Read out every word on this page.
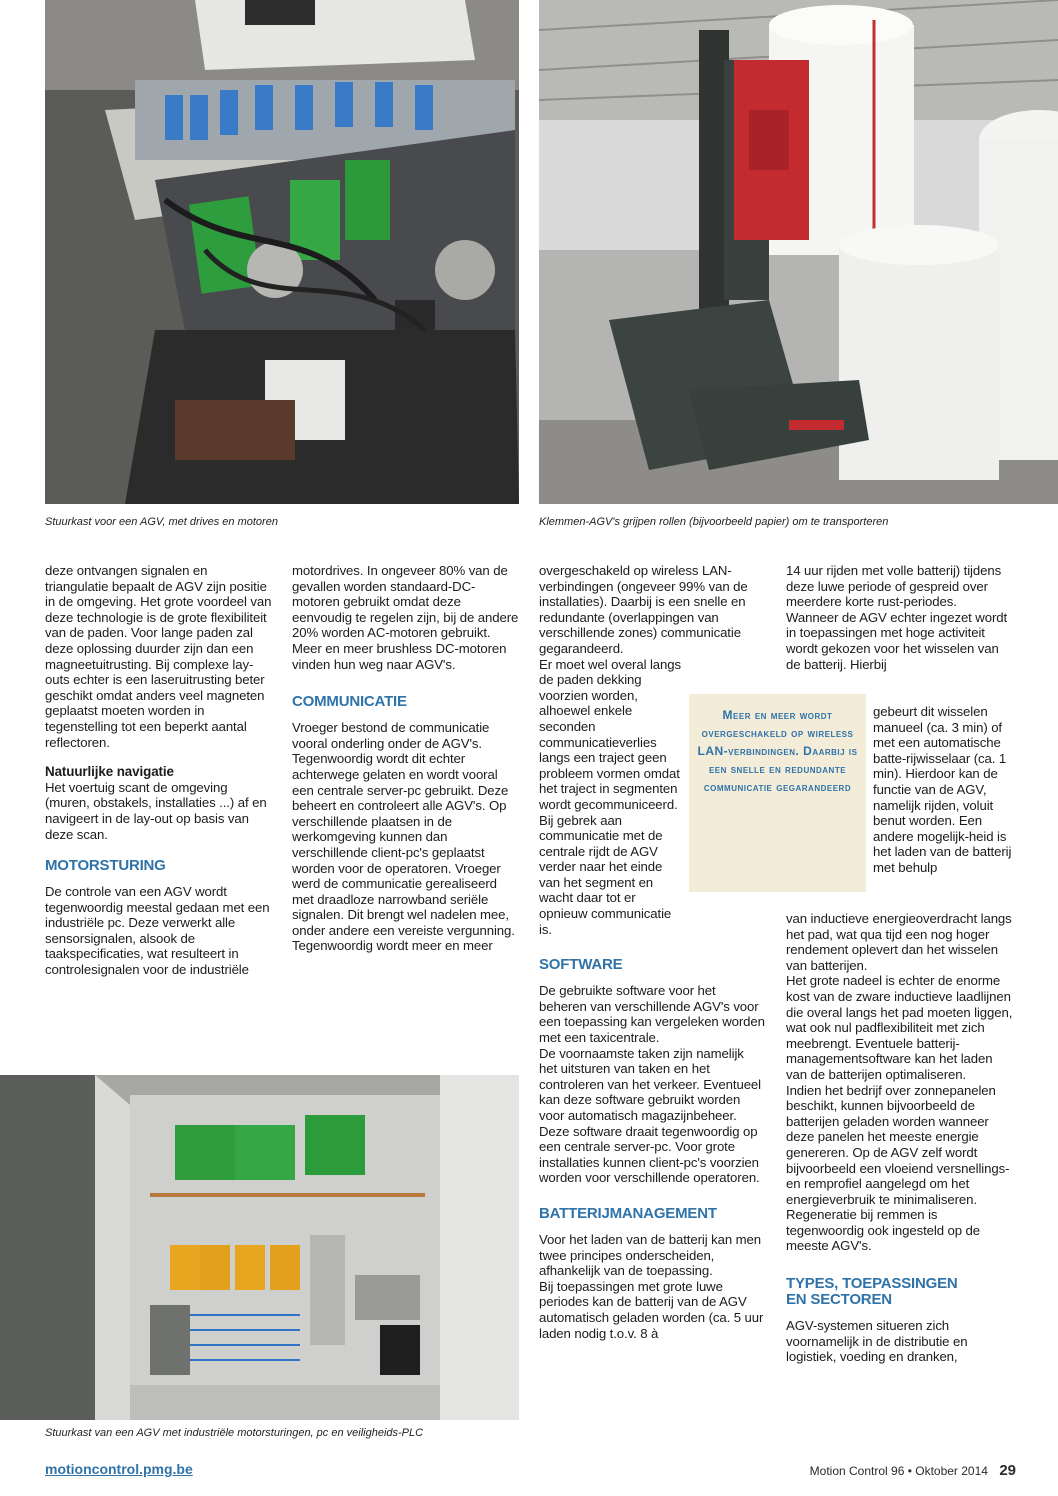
Stuurkast voor een AGV, met drives en motoren	Klemmen-AGV's grijpen rollen (bijvoorbeeld papier) om te transporteren
Stuurkast van een AGV met industriële motorsturingen, pc en veiligheids-PLC

deze ontvangen signalen en triangulatie bepaalt de AGV zijn positie in de omgeving. Het grote voordeel van deze technologie is de grote flexibiliteit van de paden. Voor lange paden zal deze oplossing duurder zijn dan een magneetuitrusting. Bij complexe lay-outs echter is een laseruitrusting beter geschikt omdat anders veel magneten geplaatst moeten worden in tegenstelling tot een beperkt aantal reflectoren.

Natuurlijke navigatie

Het voertuig scant de omgeving (muren, obstakels, installaties ...) af en navigeert in de lay-out op basis van deze scan.

MOTORSTURING

De controle van een AGV wordt tegenwoordig meestal gedaan met een industriële pc. Deze verwerkt alle sensorsignalen, alsook de taakspecificaties, wat resulteert in controlesignalen voor de industriële

motordrives. In ongeveer 80% van de gevallen worden standaard-DC-motoren gebruikt omdat deze eenvoudig te regelen zijn, bij de andere 20% worden AC-motoren gebruikt. Meer en meer brushless DC-motoren vinden hun weg naar AGV's.

COMMUNICATIE

Vroeger bestond de communicatie vooral onderling onder de AGV's. Tegenwoordig wordt dit echter achterwege gelaten en wordt vooral een centrale server-pc gebruikt. Deze beheert en controleert alle AGV's. Op verschillende plaatsen in de werkomgeving kunnen dan verschillende client-pc's geplaatst worden voor de operatoren. Vroeger werd de communicatie gerealiseerd met draadloze narrowband seriële signalen. Dit brengt wel nadelen mee, onder andere een vereiste vergunning. Tegenwoordig wordt meer en meer

overgeschakeld op wireless LAN-verbindingen (ongeveer 99% van de installaties). Daarbij is een snelle en redundante (overlappingen van verschillende zones) communicatie gegarandeerd.

Er moet wel overal langs de paden dekking voorzien worden, alhoewel enkele seconden communicatieverlies langs een traject geen probleem vormen omdat het traject in segmenten wordt gecommuniceerd.

Bij gebrek aan communicatie met de centrale rijdt de AGV verder naar het einde van het segment en wacht daar tot er opnieuw communicatie is.

SOFTWARE

De gebruikte software voor het beheren van verschillende AGV's voor een toepassing kan vergeleken worden met een taxicentrale.

De voornaamste taken zijn namelijk het uitsturen van taken en het controleren van het verkeer. Eventueel kan deze software gebruikt worden voor automatisch magazijnbeheer.

Deze software draait tegenwoordig op een centrale server-pc. Voor grote installaties kunnen client-pc's voorzien worden voor verschillende operatoren.

BATTERIJMANAGEMENT

Voor het laden van de batterij kan men twee principes onderscheiden, afhankelijk van de toepassing.

Bij toepassingen met grote luwe periodes kan de batterij van de AGV automatisch geladen worden (ca. 5 uur laden nodig t.o.v. 8 à

Meer en meer wordt overgeschakeld op wireless LAN-verbindingen. Daarbij is een snelle en redundante communicatie gegarandeerd

14 uur rijden met volle batterij) tijdens deze luwe periode of gespreid over meerdere korte rust-periodes.

Wanneer de AGV echter ingezet wordt in toepassingen met hoge activiteit wordt gekozen voor het wisselen van de batterij. Hierbij

gebeurt dit wisselen manueel (ca. 3 min) of met een automatische batte-rijwisselaar (ca. 1 min). Hierdoor kan de functie van de AGV, namelijk rijden, voluit benut worden. Een andere mogelijk-heid is het laden van de batterij met behulp

van inductieve energieoverdracht langs het pad, wat qua tijd een nog hoger rendement oplevert dan het wisselen van batterijen.

Het grote nadeel is echter de enorme kost van de zware inductieve laadlijnen die overal langs het pad moeten liggen, wat ook nul padflexibiliteit met zich meebrengt. Eventuele batterij-managementsoftware kan het laden van de batterijen optimaliseren.

Indien het bedrijf over zonnepanelen beschikt, kunnen bijvoorbeeld de batterijen geladen worden wanneer deze panelen het meeste energie genereren. Op de AGV zelf wordt bijvoorbeeld een vloeiend versnellings- en remprofiel aangelegd om het energieverbruik te minimaliseren. Regeneratie bij remmen is tegenwoordig ook ingesteld op de meeste AGV's.

TYPES, TOEPASSINGEN EN SECTOREN

AGV-systemen situeren zich voornamelijk in de distributie en logistiek, voeding en dranken,

motioncontrol.pmg.be	Motion Control 96 • Oktober 2014 29
